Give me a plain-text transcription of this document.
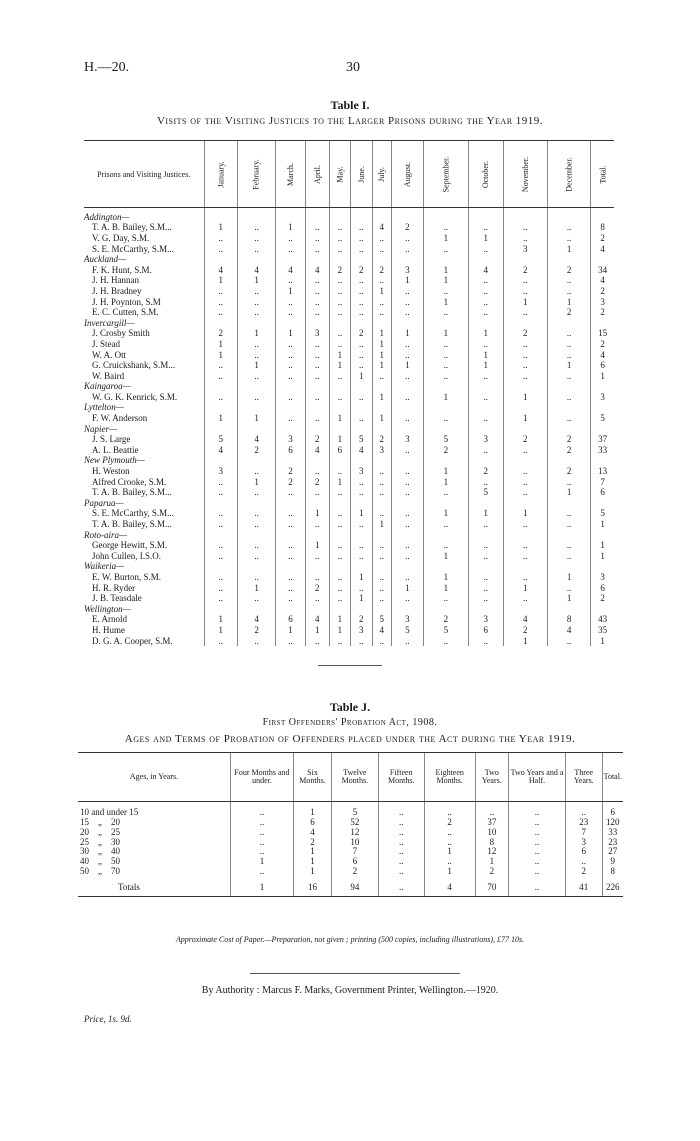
H.—20.	30
Table I.
Visits of the Visiting Justices to the Larger Prisons during the Year 1919.
Prisons and Visiting Justices.	January.	February.	March.	April.	May.	June.	July.	August.	September.	October.	November.	December.	Total.
Addington—													
T. A. B. Bailey, S.M...	1	..	1	..	..	..	4	2	..	..	..	..	8
V. G. Day, S.M.	..	..	..	..	..	..	..	..	1	1	..	..	2
S. E. McCarthy, S.M...	..	..	..	..	..	..	..	..	..	..	3	1	4
Auckland—													
F. K. Hunt, S.M.	4	4	4	4	2	2	2	3	1	4	2	2	34
J. H. Hannan	1	1	..	..	..	..	..	1	1	..	..	..	4
J. H. Bradney	..	..	1	..	..	..	1	..	..	..	..	..	2
J. H. Poynton, S.M	..	..	..	..	..	..	..	..	1	..	1	1	3
E. C. Cutten, S.M.	..	..	..	..	..	..	..	..	..	..	..	2	2
Invercargill—													
J. Crosby Smith	2	1	1	3	..	2	1	1	1	1	2	..	15
J. Stead	1	..	..	..	..	..	1	..	..	..	..	..	2
W. A. Ott	1	..	..	..	1	..	1	..	..	1	..	..	4
G. Cruickshank, S.M...	..	1	..	..	1	..	1	1	..	1	..	1	6
W. Baird	..	..	..	..	..	1	..	..	..	..	..	..	1
Kaingaroa—													
W. G. K. Kenrick, S.M.	..	..	..	..	..	..	1	..	1	..	1	..	3
Lyttelton—													
F. W. Anderson	1	1	..	..	1	..	1	..	..	..	1	..	5
Napier—													
J. S. Large	5	4	3	2	1	5	2	3	5	3	2	2	37
A. L. Beattie	4	2	6	4	6	4	3	..	2	..	..	2	33
New Plymouth—													
H. Weston	3	..	2	..	..	3	..	..	1	2	..	2	13
Alfred Crooke, S.M.	..	1	2	2	1	..	..	..	1	..	..	..	7
T. A. B. Bailey, S.M...	..	..	..	..	..	..	..	..	..	5	..	1	6
Paparua—													
S. E. McCarthy, S.M...	..	..	..	1	..	1	..	..	1	1	1	..	5
T. A. B. Bailey, S.M...	..	..	..	..	..	..	1	..	..	..	..	..	1
Roto-aira—													
George Hewitt, S.M.	..	..	..	1	..	..	..	..	..	..	..	..	1
John Cullen, I.S.O.	..	..	..	..	..	..	..	..	1	..	..	..	1
Waikeria—													
E. W. Burton, S.M.	..	..	..	..	..	1	..	..	1	..	..	1	3
H. R. Ryder	..	1	..	2	..	..	..	1	1	..	1	..	6
J. B. Teasdale	..	..	..	..	..	1	..	..	..	..	..	1	2
Wellington—													
E. Arnold	1	4	6	4	1	2	5	3	2	3	4	8	43
H. Hume	1	2	1	1	1	3	4	5	5	6	2	4	35
D. G. A. Cooper, S.M.	..	..	..	..	..	..	..	..	..	..	1	..	1
Table J.
First Offenders' Probation Act, 1908.
Ages and Terms of Probation of Offenders placed under the Act during the Year 1919.
Ages, in Years.	Four Months and under.	Six Months.	Twelve Months.	Fifteen Months.	Eighteen Months.	Two Years.	Two Years and a Half.	Three Years.	Total.
10 and under 15	..	1	5	..	..	..	..	..	6
15    „    20	..	6	52	..	2	37	..	23	120
20    „    25	..	4	12	..	..	10	..	7	33
25    „    30	..	2	10	..	..	8	..	3	23
30    „    40	..	1	7	..	1	12	..	6	27
40    „    50	1	1	6	..	..	1	..	..	9
50    „    70	..	1	2	..	1	2	..	2	8
Totals	1	16	94	..	4	70	..	41	226
Approximate Cost of Paper.—Preparation, not given ; printing (500 copies, including illustrations), £77 10s.
By Authority : Marcus F. Marks, Government Printer, Wellington.—1920.
Price, 1s. 9d.
